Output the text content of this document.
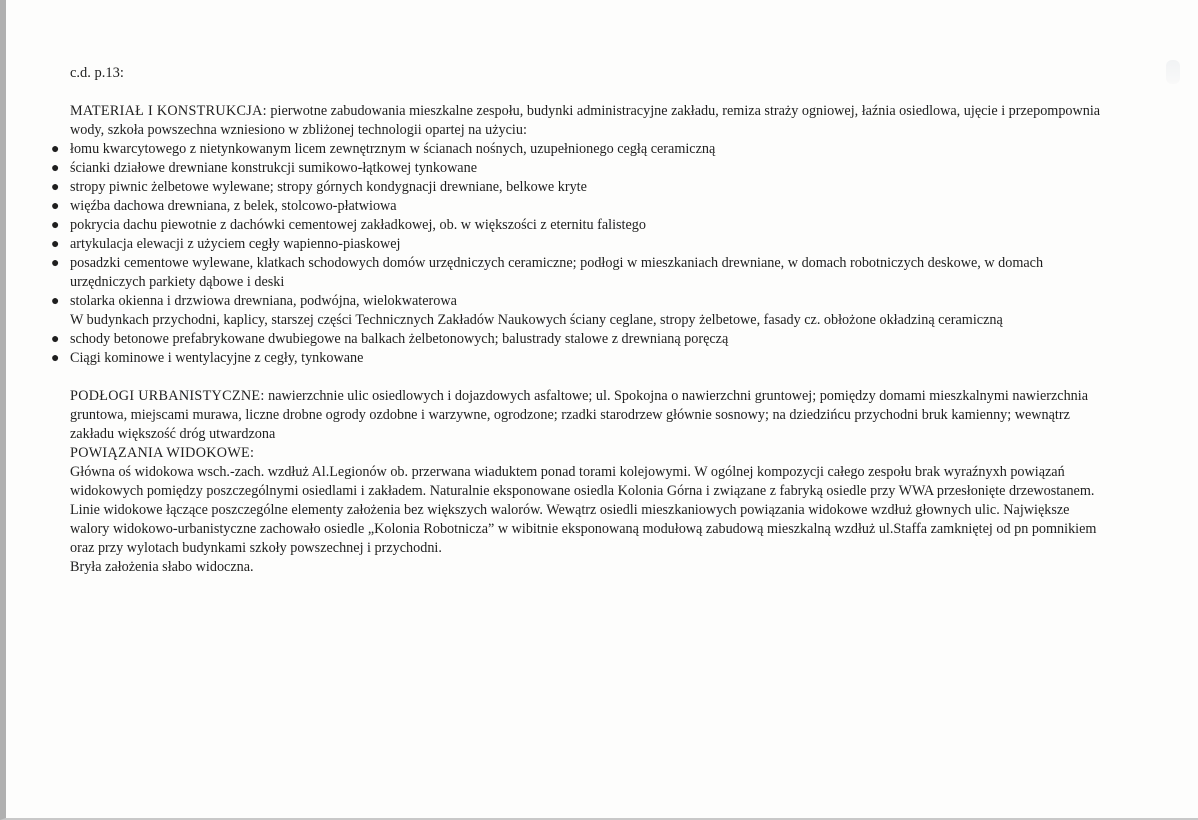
c.d. p.13:

MATERIAŁ I KONSTRUKCJA: pierwotne zabudowania mieszkalne zespołu, budynki administracyjne zakładu, remiza straży ogniowej, łaźnia osiedlowa, ujęcie i przepompownia wody, szkoła powszechna wzniesiono w zbliżonej technologii opartej na użyciu:

● łomu kwarcytowego z nietynkowanym licem zewnętrznym w ścianach nośnych, uzupełnionego cegłą ceramiczną
● ścianki działowe drewniane konstrukcji sumikowo-łątkowej tynkowane
● stropy piwnic żelbetowe wylewane; stropy górnych kondygnacji drewniane, belkowe kryte
● więźba dachowa drewniana, z belek, stolcowo-płatwiowa
● pokrycia dachu piewotnie z dachówki cementowej zakładkowej, ob. w większości z eternitu falistego
● artykulacja elewacji z użyciem cegły wapienno-piaskowej
● posadzki cementowe wylewane, klatkach schodowych domów urzędniczych ceramiczne; podłogi w mieszkaniach drewniane, w domach robotniczych deskowe, w domach urzędniczych parkiety dąbowe i deski
● stolarka okienna i drzwiowa drewniana, podwójna, wielokwaterowa

W budynkach przychodni, kaplicy, starszej części Technicznych Zakładów Naukowych ściany ceglane, stropy żelbetowe, fasady cz. obłożone okładziną ceramiczną

● schody betonowe prefabrykowane dwubiegowe na balkach żelbetonowych; balustrady stalowe z drewnianą poręczą
● Ciągi kominowe i wentylacyjne z cegły, tynkowane

PODŁOGI URBANISTYCZNE: nawierzchnie ulic osiedlowych i dojazdowych asfaltowe; ul. Spokojna o nawierzchni gruntowej; pomiędzy domami mieszkalnymi nawierzchnia gruntowa, miejscami murawa, liczne drobne ogrody ozdobne i warzywne, ogrodzone; rzadki starodrzew głównie sosnowy; na dziedzińcu przychodni bruk kamienny; wewnątrz zakładu większość dróg utwardzona

POWIĄZANIA WIDOKOWE:

Główna oś widokowa wsch.-zach. wzdłuż Al.Legionów ob. przerwana wiaduktem ponad torami kolejowymi. W ogólnej kompozycji całego zespołu brak wyraźnyxh powiązań widokowych pomiędzy poszczególnymi osiedlami i zakładem. Naturalnie eksponowane osiedla Kolonia Górna i związane z fabryką osiedle przy WWA przesłonięte drzewostanem. Linie widokowe łączące poszczególne elementy założenia bez większych walorów. Wewątrz osiedli mieszkaniowych powiązania widokowe wzdłuż głownych ulic. Największe walory widokowo-urbanistyczne zachowało osiedle „Kolonia Robotnicza” w wibitnie eksponowaną modułową zabudową mieszkalną wzdłuż ul.Staffa zamkniętej od pn pomnikiem oraz przy wylotach budynkami szkoły powszechnej i przychodni.

Bryła założenia słabo widoczna.
